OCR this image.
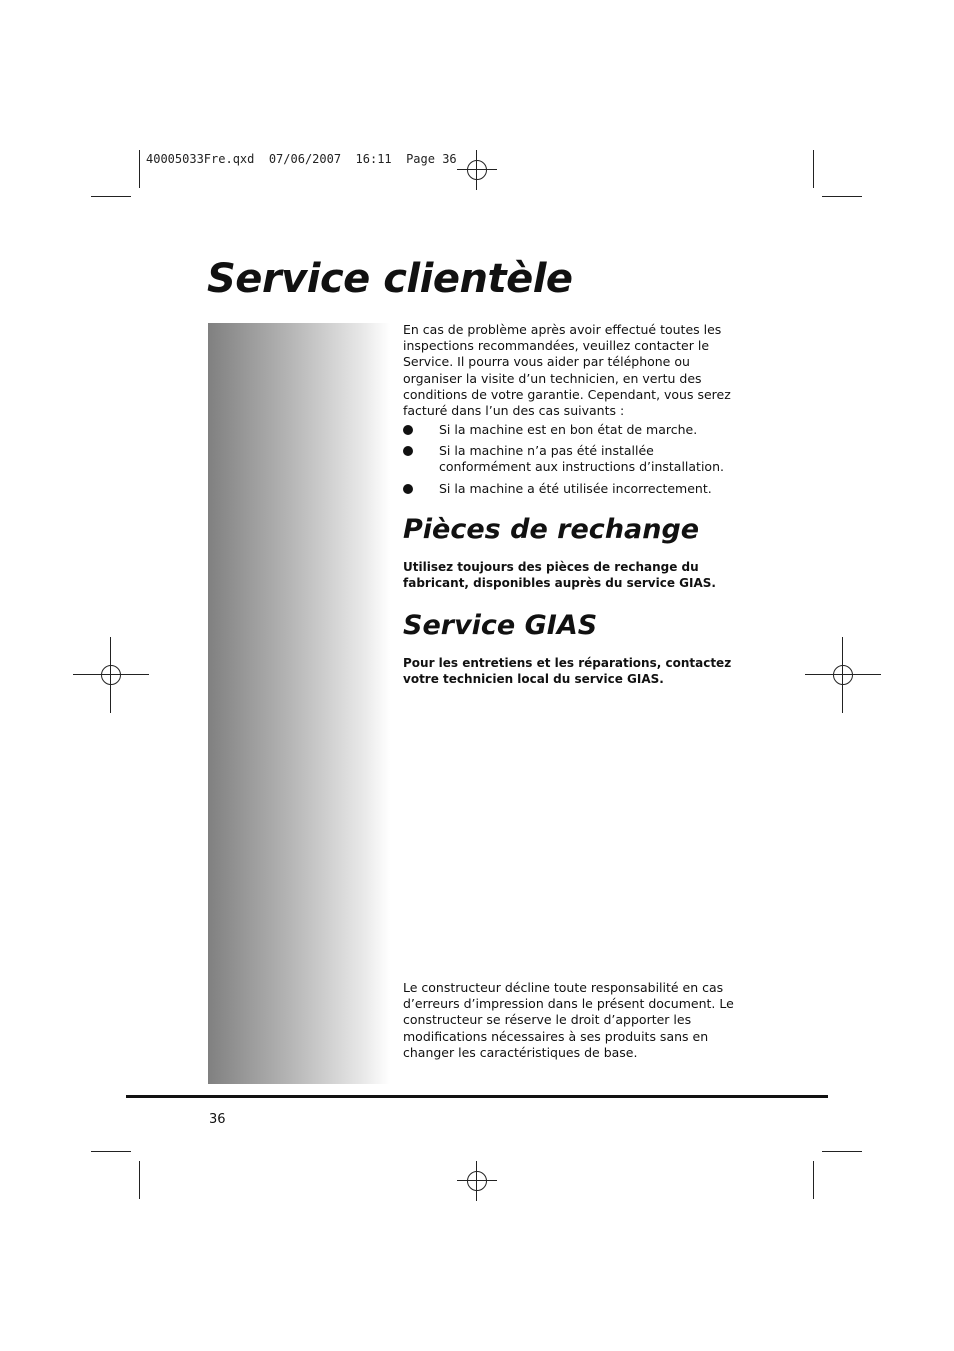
40005033Fre.qxd  07/06/2007  16:11  Page 36
Service clientèle

En cas de problème après avoir effectué toutes les inspections recommandées, veuillez contacter le Service. Il pourra vous aider par téléphone ou organiser la visite d’un technicien, en vertu des conditions de votre garantie. Cependant, vous serez facturé dans l’un des cas suivants :

Si la machine est en bon état de marche.
Si la machine n’a pas été installée conformément aux instructions d’installation.
Si la machine a été utilisée incorrectement.
Pièces de rechange

Utilisez toujours des pièces de rechange du fabricant, disponibles auprès du service GIAS.

Service GIAS

Pour les entretiens et les réparations, contactez votre technicien local du service GIAS.

Le constructeur décline toute responsabilité en cas d’erreurs d’impression dans le présent document. Le constructeur se réserve le droit d’apporter les modifications nécessaires à ses produits sans en changer les caractéristiques de base.

36
